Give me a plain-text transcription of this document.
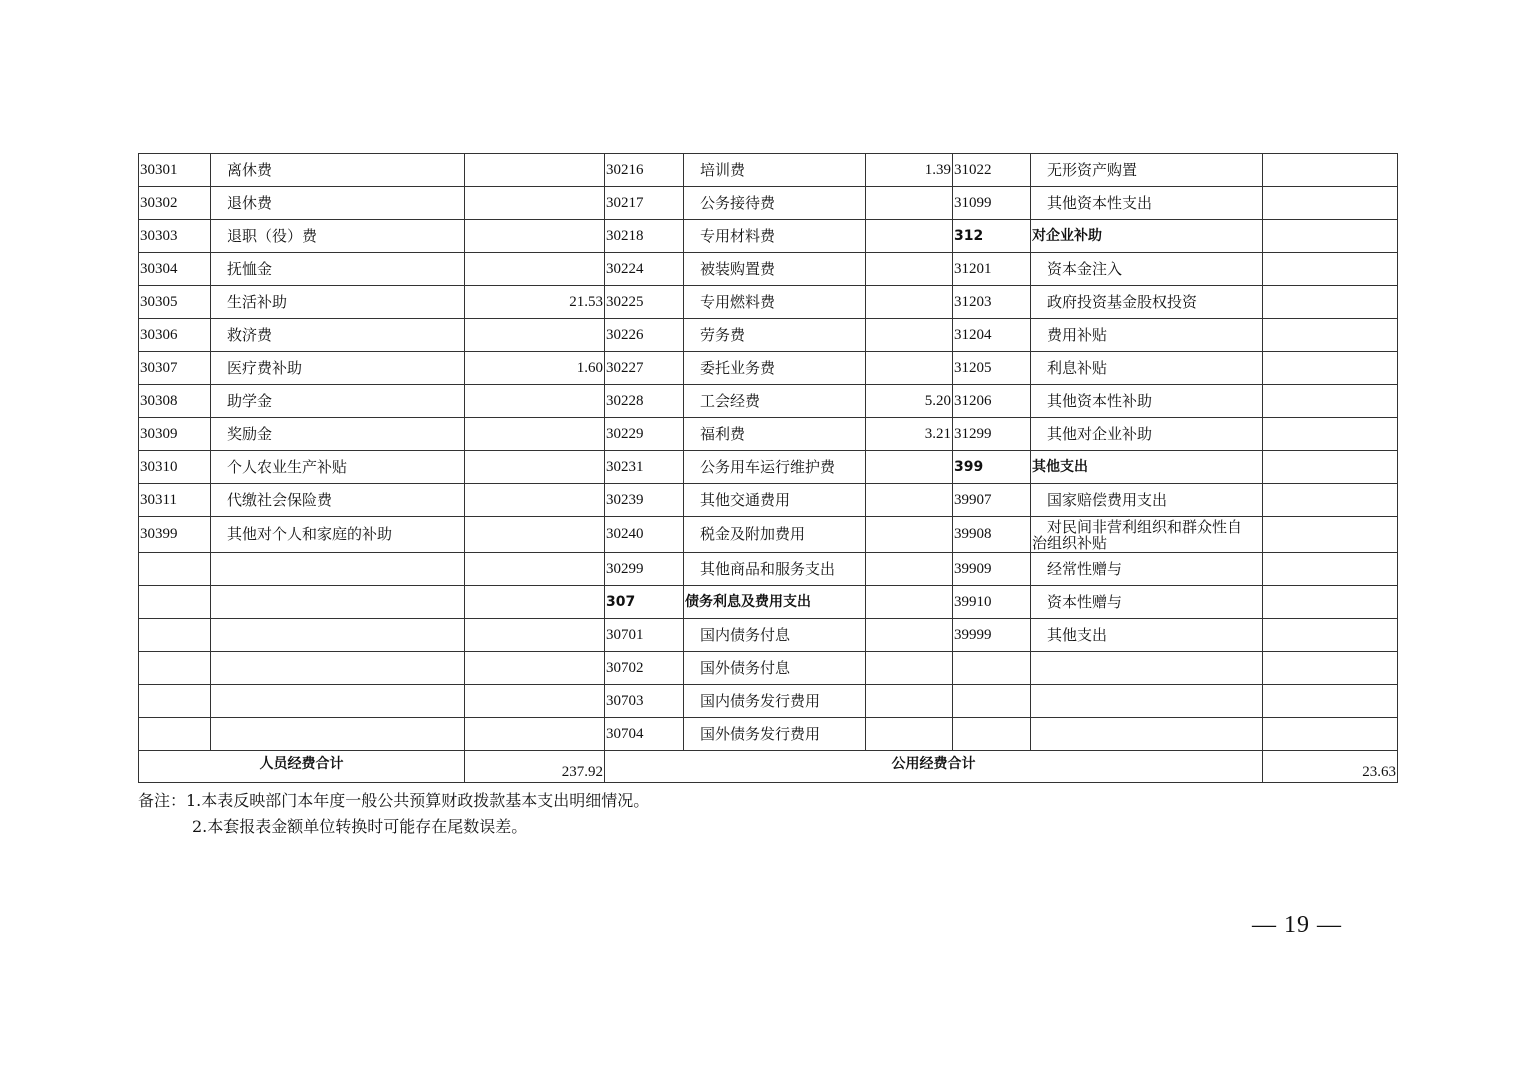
30301	离休费		30216	培训费	1.39	31022	无形资产购置	
30302	退休费		30217	公务接待费		31099	其他资本性支出	
30303	退职（役）费		30218	专用材料费		312	对企业补助	
30304	抚恤金		30224	被装购置费		31201	资本金注入	
30305	生活补助	21.53	30225	专用燃料费		31203	政府投资基金股权投资	
30306	救济费		30226	劳务费		31204	费用补贴	
30307	医疗费补助	1.60	30227	委托业务费		31205	利息补贴	
30308	助学金		30228	工会经费	5.20	31206	其他资本性补助	
30309	奖励金		30229	福利费	3.21	31299	其他对企业补助	
30310	个人农业生产补贴		30231	公务用车运行维护费		399	其他支出	
30311	代缴社会保险费		30239	其他交通费用		39907	国家赔偿费用支出	
30399	其他对个人和家庭的补助		30240	税金及附加费用		39908	对民间非营利组织和群众性自
治组织补贴	

			30299	其他商品和服务支出		39909	经常性赠与	
			307	债务利息及费用支出		39910	资本性赠与	
			30701	国内债务付息		39999	其他支出	
			30702	国外债务付息				
			30703	国内债务发行费用				
			30704	国外债务发行费用				
人员经费合计		237.92	公用经费合计					23.63
备注：1.本表反映部门本年度一般公共预算财政拨款基本支出明细情况。
2.本套报表金额单位转换时可能存在尾数误差。
— 19 —
